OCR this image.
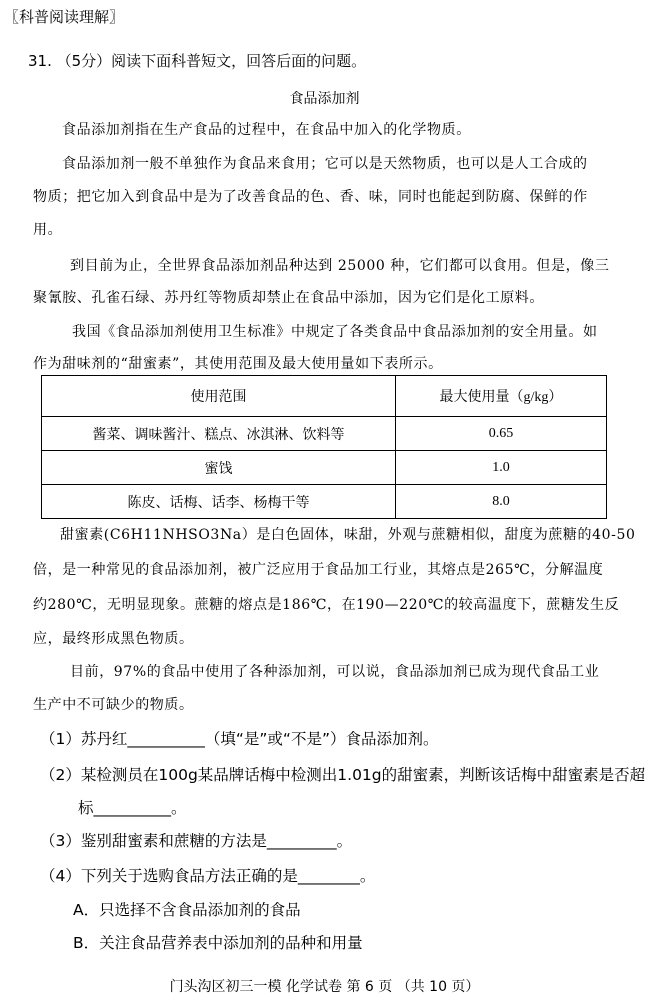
〖科普阅读理解〗
31. （5分）阅读下面科普短文，回答后面的问题。
食品添加剂
食品添加剂指在生产食品的过程中，在食品中加入的化学物质。
食品添加剂一般不单独作为食品来食用；它可以是天然物质，也可以是人工合成的
物质；把它加入到食品中是为了改善食品的色、香、味，同时也能起到防腐、保鲜的作
用。
到目前为止，全世界食品添加剂品种达到 25000 种，它们都可以食用。但是，像三
聚氰胺、孔雀石绿、苏丹红等物质却禁止在食品中添加，因为它们是化工原料。
我国《食品添加剂使用卫生标准》中规定了各类食品中食品添加剂的安全用量。如
作为甜味剂的“甜蜜素”，其使用范围及最大使用量如下表所示。
使用范围	最大使用量（g/kg）
酱菜、调味酱汁、糕点、冰淇淋、饮料等	0.65
蜜饯	1.0
陈皮、话梅、话李、杨梅干等	8.0
甜蜜素(C6H11NHSO3Na）是白色固体，味甜，外观与蔗糖相似，甜度为蔗糖的40-50
倍，是一种常见的食品添加剂，被广泛应用于食品加工行业，其熔点是265℃，分解温度
约280℃，无明显现象。蔗糖的熔点是186℃，在190—220℃的较高温度下，蔗糖发生反
应，最终形成黑色物质。
目前，97%的食品中使用了各种添加剂，可以说，食品添加剂已成为现代食品工业
生产中不可缺少的物质。
（1）苏丹红__________（填“是”或“不是”）食品添加剂。
（2）某检测员在100g某品牌话梅中检测出1.01g的甜蜜素，判断该话梅中甜蜜素是否超
标__________。
（3）鉴别甜蜜素和蔗糖的方法是_________。
（4）下列关于选购食品方法正确的是________。
A．只选择不含食品添加剂的食品
B．关注食品营养表中添加剂的品种和用量
门头沟区初三一模 化学试卷 第 6 页 （共 10 页）
